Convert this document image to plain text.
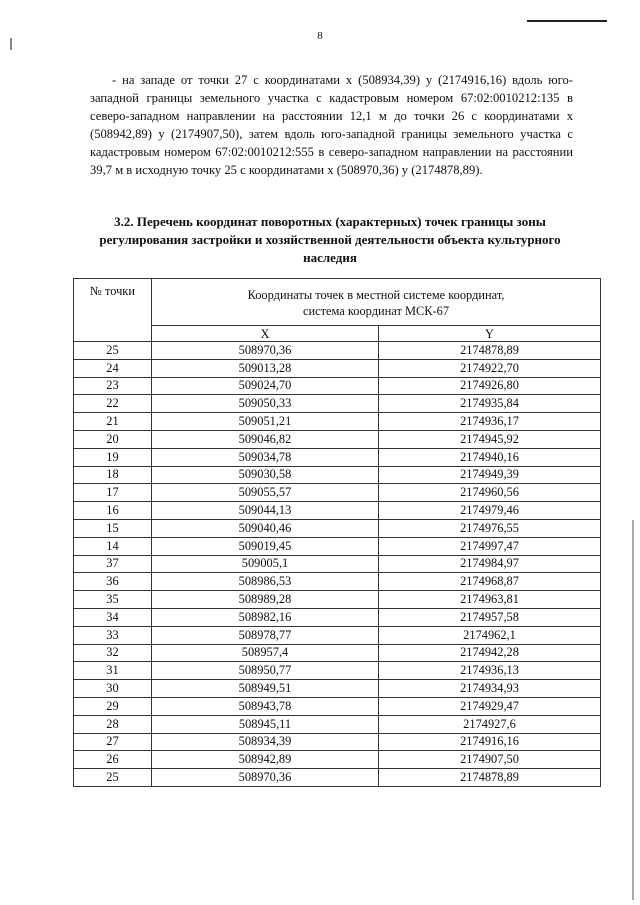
8
- на западе от точки 27 с координатами х (508934,39) у (2174916,16) вдоль юго-западной границы земельного участка с кадастровым номером 67:02:0010212:135 в северо-западном направлении на расстоянии 12,1 м до точки 26 с координатами х (508942,89) у (2174907,50), затем вдоль юго-западной границы земельного участка с кадастровым номером 67:02:0010212:555 в северо-западном направлении на расстоянии 39,7 м в исходную точку 25 с координатами х (508970,36) у (2174878,89).
3.2. Перечень координат поворотных (характерных) точек границы зоны регулирования застройки и хозяйственной деятельности объекта культурного наследия
№ точки	Координаты точек в местной системе координат,
система координат МСК-67	

	X	Y
25	508970,36	2174878,89
24	509013,28	2174922,70
23	509024,70	2174926,80
22	509050,33	2174935,84
21	509051,21	2174936,17
20	509046,82	2174945,92
19	509034,78	2174940,16
18	509030,58	2174949,39
17	509055,57	2174960,56
16	509044,13	2174979,46
15	509040,46	2174976,55
14	509019,45	2174997,47
37	509005,1	2174984,97
36	508986,53	2174968,87
35	508989,28	2174963,81
34	508982,16	2174957,58
33	508978,77	2174962,1
32	508957,4	2174942,28
31	508950,77	2174936,13
30	508949,51	2174934,93
29	508943,78	2174929,47
28	508945,11	2174927,6
27	508934,39	2174916,16
26	508942,89	2174907,50
25	508970,36	2174878,89
